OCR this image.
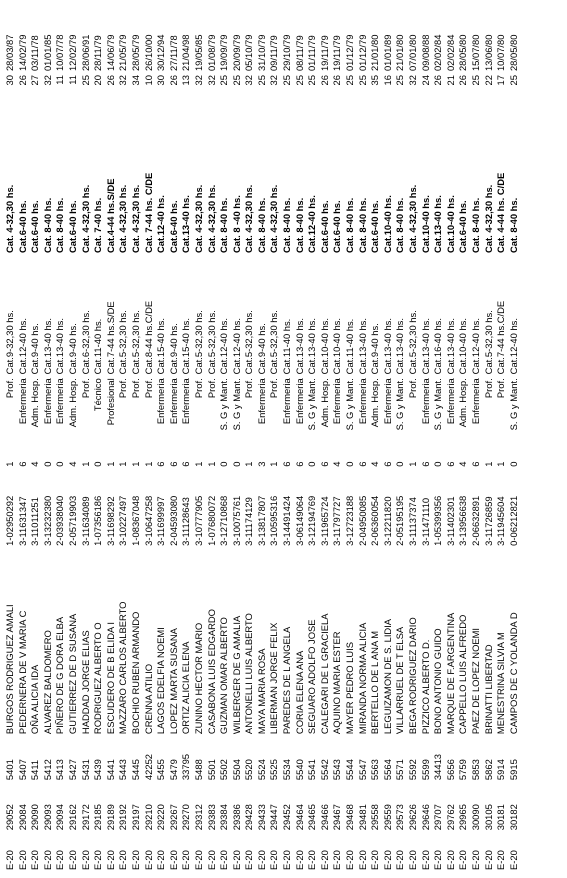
E-20	29052	5401	BURGOS RODRIGUEZ AMALI	1-02950292	1	Prof.	Cat.9-32,30 hs.	Cat. 4-32,30 hs.	30	28/03/87
E-20	29084	5407	PEDERNERA DE V MARIA C	3-11631347	6	Enfermeria	Cat.12-40 hs.	Cat.6-40 hs.	26	14/02/79
E-20	29090	5411	OÑA ALICIA IDA	3-11011251	4	Adm. Hosp.	Cat.9-40 hs.	Cat.6-40 hs.	27	03/11/78
E-20	29093	5412	ALVAREZ BALDOMERO	3-13232380	0	Enfermeria	Cat.13-40 hs.	Cat. 8-40 hs.	32	01/01/85
E-20	29094	5413	PIÑERO DE G DORA ELBA	2-03938040	0	Enfermeria	Cat.13-40 hs.	Cat. 8-40 hs.	11	10/07/78
E-20	29162	5427	GUTIERREZ DE D SUSANA	2-05719903	4	Adm. Hosp.	Cat.9-40 hs.	Cat.6-40 hs.	11	12/02/79
E-20	29172	5431	HADDAD JORGE ELIAS	3-11634089	1	Prof.	Cat.6-32,30 hs.	Cat. 4-32,30 hs.	25	28/06/91
E-20	29185	5439	RODRIGUEZ ALBERTO O	1-07356186	0	Técnico	Cat.11-40 hs.	Cat. 7-40 hs.	20	28/11/79
E-20	29189	5441	ESCUDERO DE B ELIDA I	3-11698292	1	Profesional	Cat.7-44 hs.S/DE	Cat.4-44 hs.S/DE	26	14/06/79
E-20	29192	5443	MAZZARO CARLOS ALBERTO	3-10227497	1	Prof.	Cat.5-32,30 hs.	Cat. 4-32,30 hs.	32	21/05/79
E-20	29197	5445	BOCHIO RUBEN ARMANDO	1-08367048	1	Prof.	Cat.5-32,30 hs.	Cat. 4-32,30 hs.	34	28/05/79
E-20	29210	42252	CRENNA ATILIO	3-10647258	1	Prof.	Cat.8-44 hs.C/DE	Cat. 7-44 hs. C/DE	10	26/10/00
E-20	29220	5455	LAGOS EDELFIA NOEMI	3-11699997	6	Enfermeria	Cat.15-40 hs.	Cat.12-40 hs.	30	30/12/94
E-20	29267	5479	LOPEZ MARTA SUSANA	2-04593080	6	Enfermeria	Cat.9-40 hs.	Cat.6-40 hs.	26	27/11/78
E-20	29270	33795	ORTIZ ALICIA ELENA	3-11128643	6	Enfermeria	Cat.15-40 hs.	Cat.13-40 hs.	13	21/04/98
E-20	29312	5488	ZUNINO HECTOR MARIO	3-10777905	1	Prof.	Cat.5-32,30 hs.	Cat. 4-32,30 hs.	32	19/05/85
E-20	29383	5501	CASABONA LUIS EDGARDO	1-07680072	1	Prof.	Cat.5-32,30 hs.	Cat. 4-32,30 hs.	32	01/08/79
E-20	29384	5502	GUZMAN OMAR ALBERTO	3-12710868	0	S. G y Mant.	Cat.12-40 hs.	Cat. 8-40 hs.	25	19/09/79
E-20	29386	5504	WILBERGER DE G AMALIA	3-10075761	0	S. G y Mant.	Cat.12-40 hs.	Cat. 8 -40 hs.	25	20/09/79
E-20	29428	5520	ANTONELLI LUIS ALBERTO	3-11174129	1	Prof.	Cat.5-32,30 hs.	Cat. 4-32,30 hs.	32	05/10/79
E-20	29433	5524	MAYA MARIA ROSA	3-13817807	3	Enfermeria	Cat.9-40 hs.	Cat. 8-40 hs.	25	31/10/79
E-20	29447	5525	LIBERMAN JORGE FELIX	3-10595316	1	Prof.	Cat.5-32,30 hs.	Cat. 4-32,30 hs.	32	09/11/79
E-20	29452	5534	PAREDES DE L ANGELA	3-14491424	6	Enfermeria	Cat.11-40 hs.	Cat. 8-40 hs.	25	29/10/79
E-20	29464	5540	CORIA ELENA ANA	3-06149064	6	Enfermeria	Cat.13-40 hs.	Cat. 8-40 hs.	25	08/11/79
E-20	29465	5541	SEGUARO ADOLFO JOSE	3-12194769	0	S. G y Mant.	Cat.13-40 hs.	Cat.12-40 hs.	25	01/11/79
E-20	29466	5542	CALEGARI DE L GRACIELA	3-11965724	6	Adm. Hosp.	Cat.10-40 hs.	Cat.6-40 hs.	26	19/11/79
E-20	29467	5543	AQUINO MARIA ESTER	3-11797727	4	Enfermeria	Cat.10-40 hs.	Cat.6-40 hs.	26	19/11/79
E-20	29468	5544	MAYER PEDRO LUIS	3-12723188	0	S. G y Mant.	Cat.11-40 hs.	Cat. 8-40 hs.	25	01/12/79
E-20	29481	5547	MIRANDA NORMA ALICIA	2-04950085	6	Enfermeria	Cat.13-40 hs.	Cat. 8-40 hs.	25	01/12/79
E-20	29558	5563	BERTELLO DE L ANA M	2-06360054	4	Adm. Hosp.	Cat.9-40 hs.	Cat.6-40 hs.	35	21/01/80
E-20	29559	5564	LEGUIZAMON DE S. LIDIA	3-12211820	6	Enfermeria	Cat.13-40 hs.	Cat.10-40 hs.	16	01/01/89
E-20	29573	5571	VILLARRUEL DE T ELSA	2-05195195	0	S. G y Mant.	Cat.13-40 hs.	Cat. 8-40 hs.	25	21/01/80
E-20	29626	5592	BEGA RODRIGUEZ DARIO	3-11137374	1	Prof.	Cat.5-32,30 hs.	Cat. 4-32,30 hs.	32	07/01/80
E-20	29646	5599	PIZZICO ALBERTO D.	3-11471110	6	Enfermeria	Cat.13-40 hs.	Cat.10-40 hs.	24	09/08/88
E-20	29707	34413	BONO ANTONIO GUIDO	1-05399356	0	S. G y Mant.	Cat.16-40 hs.	Cat.13-40 hs.	26	02/02/84
E-20	29762	5656	MARQUE DE F.ARGENTINA	3-11402301	6	Enfermeria	Cat.13-40 hs.	Cat.10-40 hs.	21	02/02/84
E-20	29965	5759	CAPPELLO LUIS ALFREDO	3-13956638	4	Adm. Hosp.	Cat.10-40 hs.	Cat.6-40 hs.	26	28/05/80
E-20	30090	5853	PAEZ DE LOPEZ NOEMI	2-06632891	6	Enfermeria	Cat.12-40 hs.	Cat. 8-40 hs.	25	15/07/80
E-20	30105	5862	BRINATTI LIBERTAD	3-11726859	1	Prof.	Cat.5-32,30 hs.	Cat. 4-32,30 hs.	22	13/06/80
E-20	30181	5914	MENESTRINA SILVIA M	3-11945604	1	Prof.	Cat.7-44 hs.C/DE	Cat. 4-44 hs. C/DE	17	10/07/80
E-20	30182	5915	CAMPOS DE C YOLANDA D	0-06212821	0	S. G y Mant.	Cat.12-40 hs.	Cat. 8-40 hs.	25	28/05/80
